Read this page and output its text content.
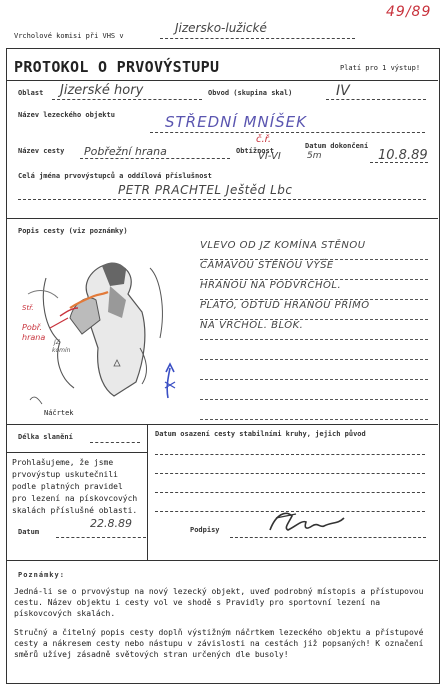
49/89
Vrcholové komisi při VHS v
Jizersko-lužické
PROTOKOL O PRVOVÝSTUPU	Platí pro 1 výstup!
Oblast Jizerské hory	Obvod (skupina skal)	IV
Název lezeckého objektu	STŘEDNÍ MNÍŠEK
Název cesty Pobřežní hrana	Obtížnost
č.ř.
VI-VI
Datum dokončení
5m	10.8.89
Celá jména prvovýstupců a oddílová příslušnost
PETR PRACHTEL Ještěd Lbc
Popis cesty (viz poznámky)
Stř.
Pobř.
hrana
JZ
komín
Náčrtek
VLEVO OD JZ KOMÍNA STĚNOU
ČÁMAVOU STĚNOU VÝŠE
HRANOU NA PODVRCHOL.
PLATÓ, ODTUD HRANOU PŘÍMO
NA VRCHOL. BLOK.
Délka slanění	Datum osazení cesty stabilními kruhy, jejich původ
Prohlašujeme, že jsme prvovýstup uskutečnili podle platných pravidel pro lezení na pískovcových skalách příslušné oblasti.
Datum
22.8.89	Podpisy
Poznámky:
Jedná-li se o prvovýstup na nový lezecký objekt, uveď podrobný místopis a přístupovou cestu. Název objektu i cesty vol ve shodě s Pravidly pro sportovní lezení na pískovcových skalách.
Stručný a čitelný popis cesty doplň výstižným náčrtkem lezeckého objektu a přístupové cesty a nákresem cesty nebo nástupu v závislosti na cestách již popsaných! K označení směrů užívej zásadně světových stran určených dle busoly!
